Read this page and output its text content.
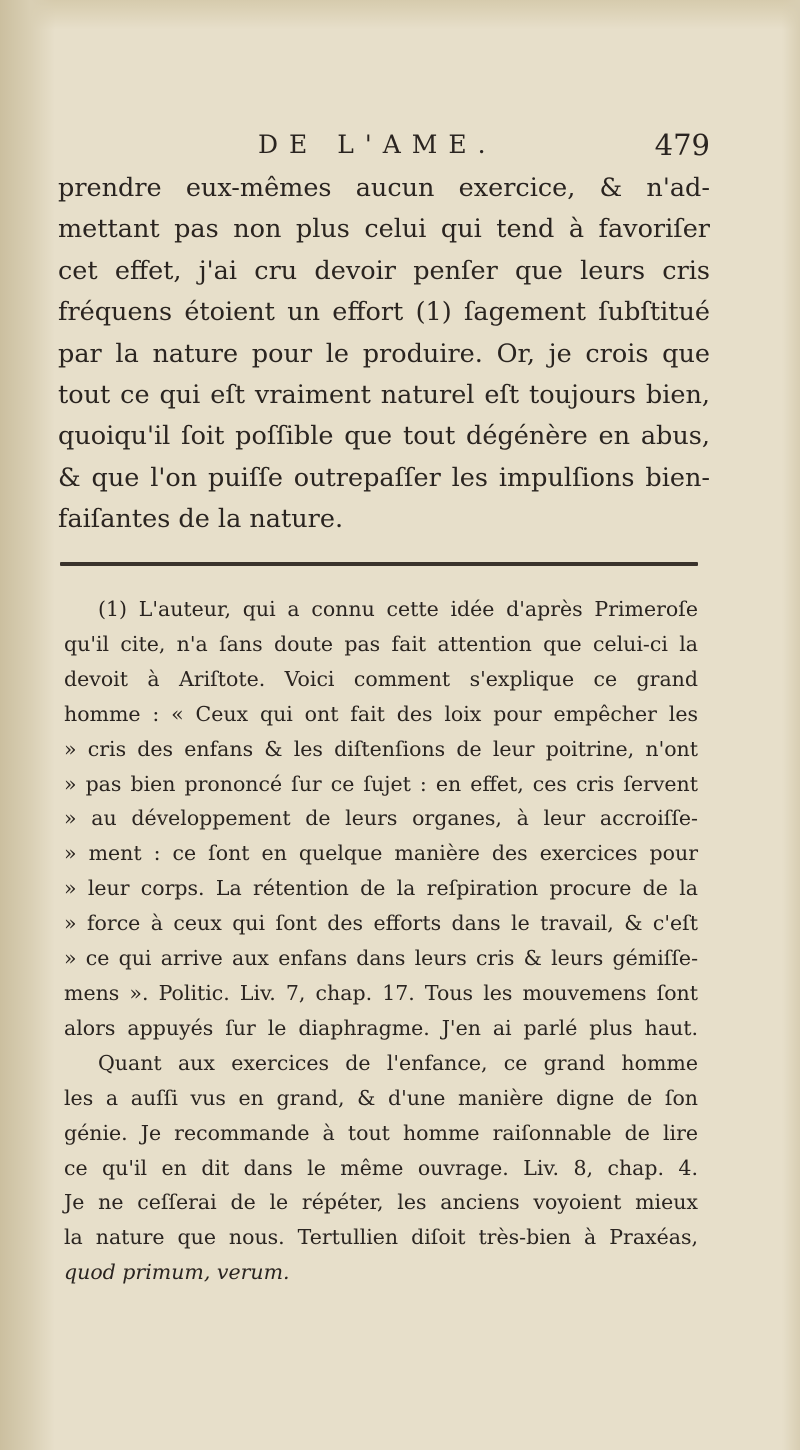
DE L'AME.	479
prendre eux-mêmes aucun exercice, & n'ad-
mettant pas non plus celui qui tend à favoriſer
cet effet, j'ai cru devoir penſer que leurs cris
fréquens étoient un effort (1) ſagement ſubſtitué
par la nature pour le produire. Or, je crois que
tout ce qui eſt vraiment naturel eſt toujours bien,
quoiqu'il ſoit poſſible que tout dégénère en abus,
& que l'on puiſſe outrepaſſer les impulſions bien-
faiſantes de la nature.
(1) L'auteur, qui a connu cette idée d'après Primeroſe
qu'il cite, n'a ſans doute pas fait attention que celui-ci la
devoit à Ariſtote. Voici comment s'explique ce grand
homme : « Ceux qui ont fait des loix pour empêcher les
» cris des enfans & les diſtenſions de leur poitrine, n'ont
» pas bien prononcé ſur ce ſujet : en effet, ces cris ſervent
» au développement de leurs organes, à leur accroiſſe-
» ment : ce ſont en quelque manière des exercices pour
» leur corps. La rétention de la reſpiration procure de la
» force à ceux qui ſont des efforts dans le travail, & c'eſt
» ce qui arrive aux enfans dans leurs cris & leurs gémiſſe-
mens ». Politic. Liv. 7, chap. 17. Tous les mouvemens ſont
alors appuyés ſur le diaphragme. J'en ai parlé plus haut.
Quant aux exercices de l'enfance, ce grand homme
les a auſſi vus en grand, & d'une manière digne de ſon
génie. Je recommande à tout homme raiſonnable de lire
ce qu'il en dit dans le même ouvrage. Liv. 8, chap. 4.
Je ne ceſſerai de le répéter, les anciens voyoient mieux
la nature que nous. Tertullien diſoit très-bien à Praxéas,
quod primum, verum.
